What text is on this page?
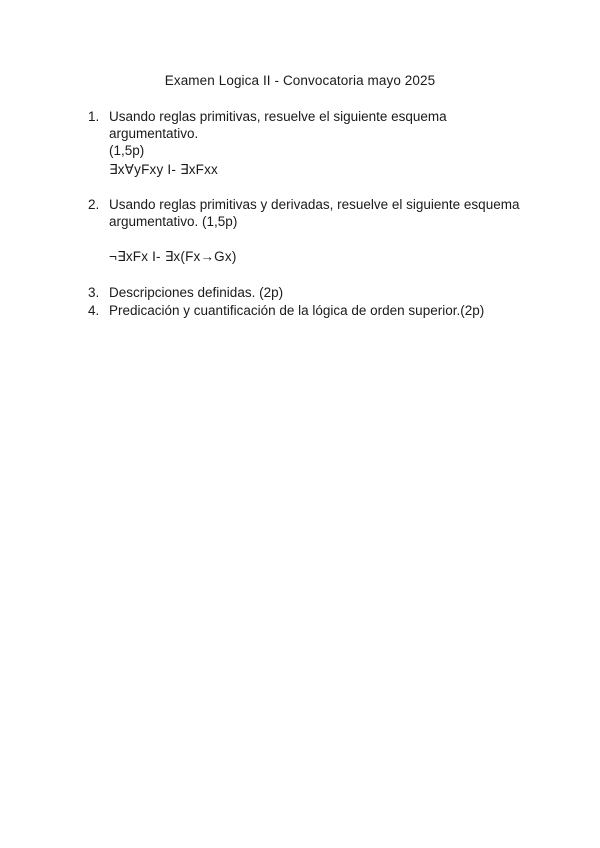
Examen Logica II - Convocatoria mayo 2025
1. Usando reglas primitivas, resuelve el siguiente esquema argumentativo.
(1,5p)
∃x∀yFxy I- ∃xFxx
2. Usando reglas primitivas y derivadas, resuelve el siguiente esquema
argumentativo. (1,5p)
¬∃xFx I- ∃x(Fx→Gx)
3. Descripciones definidas. (2p)
4. Predicación y cuantificación de la lógica de orden superior.(2p)
